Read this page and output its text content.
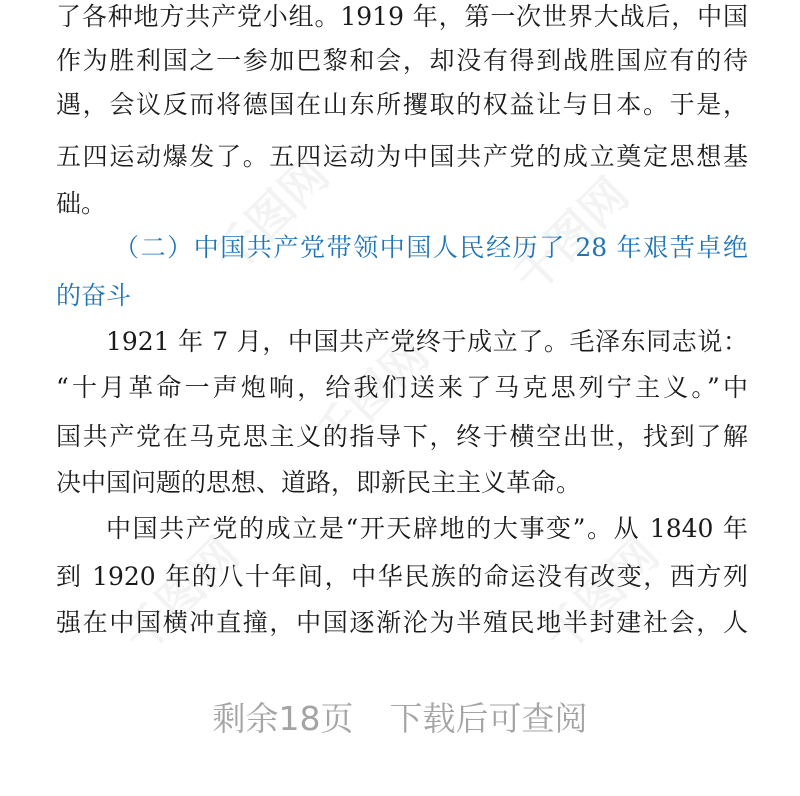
了各种地方共产党小组。1919 年，第一次世界大战后，中国
作为胜利国之一参加巴黎和会，却没有得到战胜国应有的待
遇，会议反而将德国在山东所攫取的权益让与日本。于是，
五四运动爆发了。五四运动为中国共产党的成立奠定思想基
础。
（二）中国共产党带领中国人民经历了 28 年艰苦卓绝
的奋斗
1921 年 7 月，中国共产党终于成立了。毛泽东同志说：
“十月革命一声炮响，给我们送来了马克思列宁主义。”中
国共产党在马克思主义的指导下，终于横空出世，找到了解
决中国问题的思想、道路，即新民主主义革命。
中国共产党的成立是“开天辟地的大事变”。从 1840 年
到 1920 年的八十年间，中华民族的命运没有改变，西方列
强在中国横冲直撞，中国逐渐沦为半殖民地半封建社会，人
剩余18页 下载后可查阅
